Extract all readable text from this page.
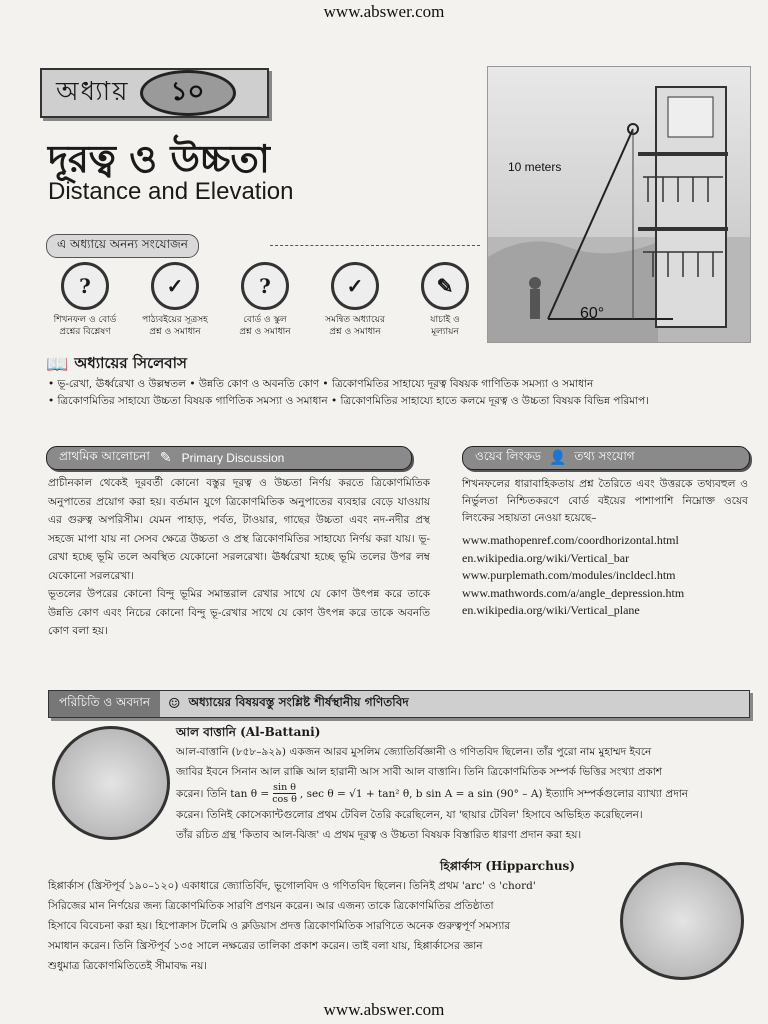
www.abswer.com
অধ্যায়	১০
দূরত্ব ও উচ্চতা
Distance and Elevation
10 meters
60°
এ অধ্যায়ে অনন্য সংযোজন
?
শিখনফল ও বোর্ড
প্রশ্নের বিশ্লেষণ
✓
পাঠ্যবইয়ের সূত্রসহ
প্রশ্ন ও সমাধান
?
বোর্ড ও স্কুল
প্রশ্ন ও সমাধান
✓
সমন্বিত অধ্যায়ের
প্রশ্ন ও সমাধান
✎
যাচাই ও
মূল্যায়ন
📖 অধ্যায়ের সিলেবাস
• ভূ-রেখা, ঊর্ধ্বরেখা ও উল্লম্বতল • উন্নতি কোণ ও অবনতি কোণ • ত্রিকোণমিতির সাহায্যে দূরত্ব বিষয়ক গাণিতিক সমস্যা ও সমাধান
• ত্রিকোণমিতির সাহায্যে উচ্চতা বিষয়ক গাণিতিক সমস্যা ও সমাধান • ত্রিকোণমিতির সাহায্যে হাতে কলমে দূরত্ব ও উচ্চতা বিষয়ক বিভিন্ন পরিমাপ।
প্রাথমিক আলোচনা ✎ Primary Discussion
প্রাচীনকাল থেকেই দূরবর্তী কোনো বস্তুর দূরত্ব ও উচ্চতা নির্ণয় করতে ত্রিকোণমিতিক অনুপাতের প্রয়োগ করা হয়। বর্তমান যুগে ত্রিকোণমিতিক অনুপাতের ব্যবহার বেড়ে যাওয়ায় এর গুরুত্ব অপরিসীম। যেমন পাহাড়, পর্বত, টাওয়ার, গাছের উচ্চতা এবং নদ-নদীর প্রস্থ সহজে মাপা যায় না সেসব ক্ষেত্রে উচ্চতা ও প্রস্থ ত্রিকোণমিতির সাহায্যে নির্ণয় করা যায়। ভূ-রেখা হচ্ছে ভূমি তলে অবস্থিত যেকোনো সরলরেখা। ঊর্ধ্বরেখা হচ্ছে ভূমি তলের উপর লম্ব যেকোনো সরলরেখা।
ভূতলের উপরের কোনো বিন্দু ভূমির সমান্তরাল রেখার সাথে যে কোণ উৎপন্ন করে তাকে উন্নতি কোণ এবং নিচের কোনো বিন্দু ভূ-রেখার সাথে যে কোণ উৎপন্ন করে তাকে অবনতি কোণ বলা হয়।
ওয়েব লিংকড 👤 তথ্য সংযোগ
শিখনফলের ধারাবাহিকতায় প্রশ্ন তৈরিতে এবং উত্তরকে তথ্যবহুল ও নির্ভুলতা নিশ্চিতকরণে বোর্ড বইয়ের পাশাপাশি নিম্নোক্ত ওয়েব লিংকের সহায়তা নেওয়া হয়েছে–
www.mathopenref.com/coordhorizontal.html
en.wikipedia.org/wiki/Vertical_bar
www.purplemath.com/modules/incldecl.htm
www.mathwords.com/a/angle_depression.htm
en.wikipedia.org/wiki/Vertical_plane
পরিচিতি ও অবদান	☺ অধ্যায়ের বিষয়বস্তু সংশ্লিষ্ট শীর্ষস্থানীয় গণিতবিদ
আল বাত্তানি (Al-Battani)
আল-বাত্তানি (৮৫৮–৯২৯) একজন আরব মুসলিম জ্যোতির্বিজ্ঞানী ও গণিতবিদ ছিলেন। তাঁর পুরো নাম মুহাম্মদ ইবনে
জাবির ইবনে সিনান আল রাক্কি আল হারানী আস সাবী আল বাত্তানি। তিনি ত্রিকোণমিতিক সম্পর্ক ভিত্তির সংখ্যা প্রকাশ
করেন। তিনি $\tan \theta = \frac{\text{sin θ}}{\text{cos θ}}$ , sec θ = √1 + tan² θ, b sin A = a sin (90° – A) ইত্যাদি সম্পর্কগুলোর ব্যাখ্যা প্রদান
করেন। তিনিই কোসেক্যান্টগুলোর প্রথম টেবিল তৈরি করেছিলেন, যা 'ছায়ার টেবিল' হিসাবে অভিহিত করেছিলেন।
তাঁর রচিত গ্রন্থ 'কিতাব আল-ঝিজ' এ প্রথম দূরত্ব ও উচ্চতা বিষয়ক বিস্তারিত ধারণা প্রদান করা হয়।
হিপ্পার্কাস (Hipparchus)
হিপ্পার্কাস (খ্রিস্টপূর্ব ১৯০–১২০) একাধারে জ্যোতির্বিদ, ভূগোলবিদ ও গণিতবিদ ছিলেন। তিনিই প্রথম 'arc' ও 'chord'
সিরিজের মান নির্ণয়ের জন্য ত্রিকোণমিতিক সারণি প্রণয়ন করেন। আর এজন্য তাকে ত্রিকোণমিতির প্রতিষ্ঠাতা
হিসাবে বিবেচনা করা হয়। হিপোক্রাস টলেমি ও ক্লডিয়াস প্রদত্ত ত্রিকোণমিতিক সারণিতে অনেক গুরুত্বপূর্ণ সমস্যার
সমাধান করেন। তিনি খ্রিস্টপূর্ব ১৩৫ সালে নক্ষত্রের তালিকা প্রকাশ করেন। তাই বলা যায়, হিপ্পার্কাসের জ্ঞান
শুধুমাত্র ত্রিকোণমিতিতেই সীমাবদ্ধ নয়।
www.abswer.com
